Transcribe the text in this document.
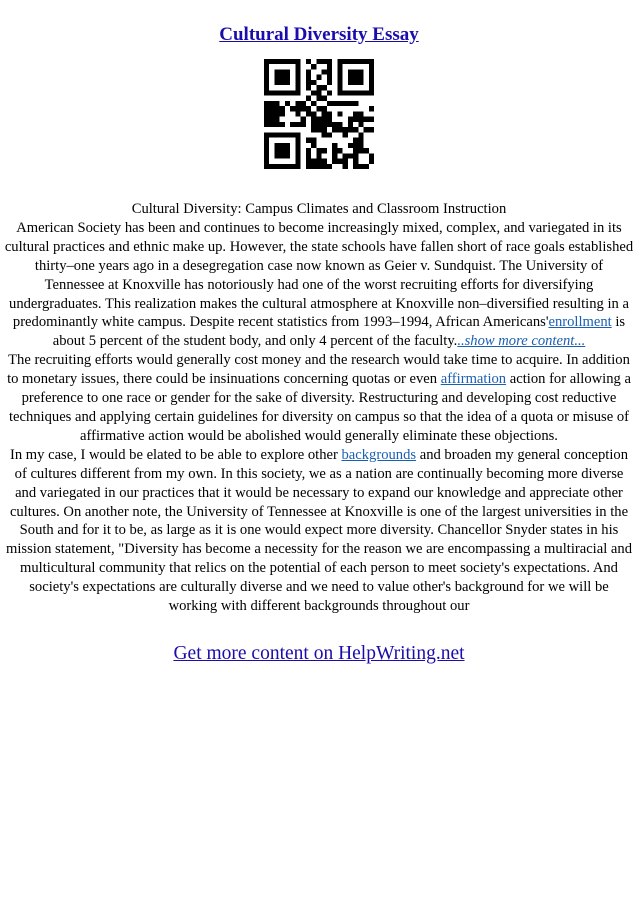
Cultural Diversity Essay

Cultural Diversity: Campus Climates and Classroom Instruction

American Society has been and continues to become increasingly mixed, complex, and variegated in its cultural practices and ethnic make up. However, the state schools have fallen short of race goals established thirty–one years ago in a desegregation case now known as Geier v. Sundquist. The University of Tennessee at Knoxville has notoriously had one of the worst recruiting efforts for diversifying undergraduates. This realization makes the cultural atmosphere at Knoxville non–diversified resulting in a predominantly white campus. Despite recent statistics from 1993–1994, African Americans'enrollment is about 5 percent of the student body, and only 4 percent of the faculty...show more content...

The recruiting efforts would generally cost money and the research would take time to acquire. In addition to monetary issues, there could be insinuations concerning quotas or even affirmation action for allowing a preference to one race or gender for the sake of diversity. Restructuring and developing cost reductive techniques and applying certain guidelines for diversity on campus so that the idea of a quota or misuse of affirmative action would be abolished would generally eliminate these objections.

In my case, I would be elated to be able to explore other backgrounds and broaden my general conception of cultures different from my own. In this society, we as a nation are continually becoming more diverse and variegated in our practices that it would be necessary to expand our knowledge and appreciate other cultures. On another note, the University of Tennessee at Knoxville is one of the largest universities in the South and for it to be, as large as it is one would expect more diversity. Chancellor Snyder states in his mission statement, "Diversity has become a necessity for the reason we are encompassing a multiracial and multicultural community that relics on the potential of each person to meet society's expectations. And society's expectations are culturally diverse and we need to value other's background for we will be working with different backgrounds throughout our

Get more content on HelpWriting.net
